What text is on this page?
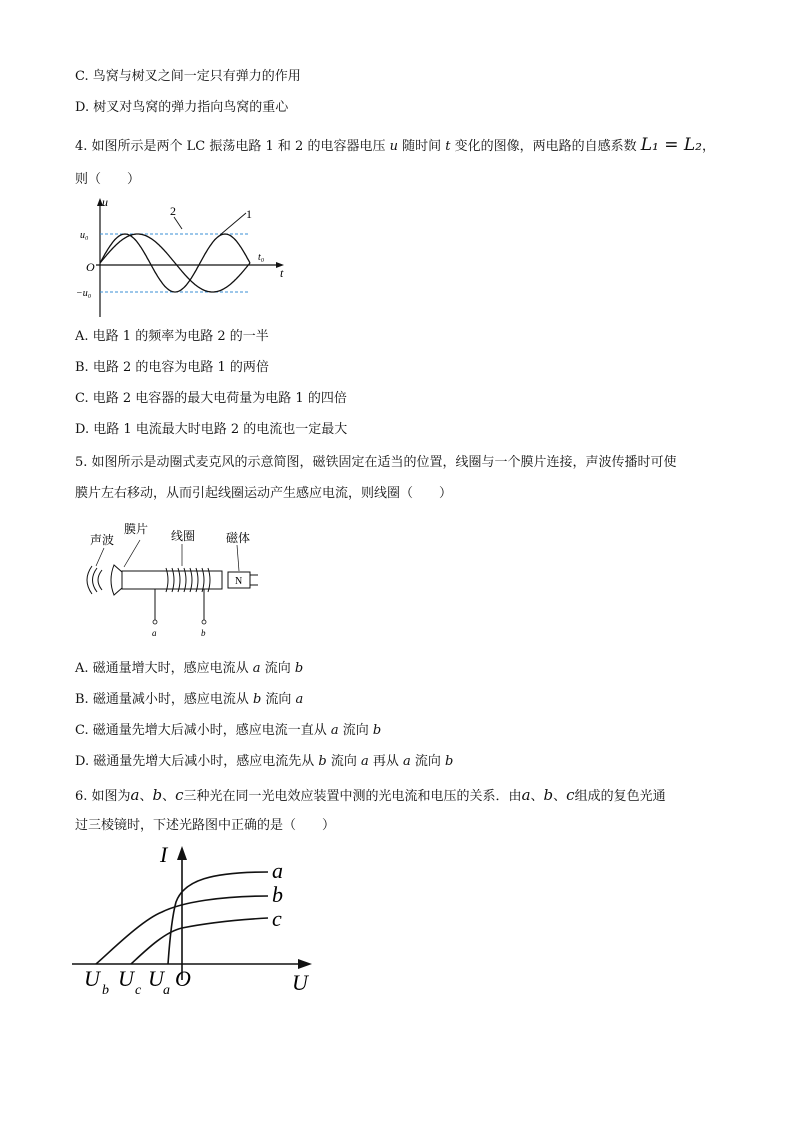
C. 鸟窝与树叉之间一定只有弹力的作用
D. 树叉对鸟窝的弹力指向鸟窝的重心
4. 如图所示是两个 LC 振荡电路 1 和 2 的电容器电压 u 随时间 t 变化的图像，两电路的自感系数 L₁ = L₂，
则（　　）
u
u₀
−u₀
O
t₀
t
2	1
A. 电路 1 的频率为电路 2 的一半
B. 电路 2 的电容为电路 1 的两倍
C. 电路 2 电容器的最大电荷量为电路 1 的四倍
D. 电路 1 电流最大时电路 2 的电流也一定最大
5. 如图所示是动圈式麦克风的示意简图，磁铁固定在适当的位置，线圈与一个膜片连接，声波传播时可使
膜片左右移动，从而引起线圈运动产生感应电流，则线圈（　　）
声波
膜片 线圈	磁体
N
a	b
A. 磁通量增大时，感应电流从 a 流向 b
B. 磁通量减小时，感应电流从 b 流向 a
C. 磁通量先增大后减小时，感应电流一直从 a 流向 b
D. 磁通量先增大后减小时，感应电流先从 b 流向 a 再从 a 流向 b
6. 如图为a、b、c三种光在同一光电效应装置中测的光电流和电压的关系．由a、b、c组成的复色光通
过三棱镜时，下述光路图中正确的是（　　）
I
U
O
U b U c U a
a
b
c
